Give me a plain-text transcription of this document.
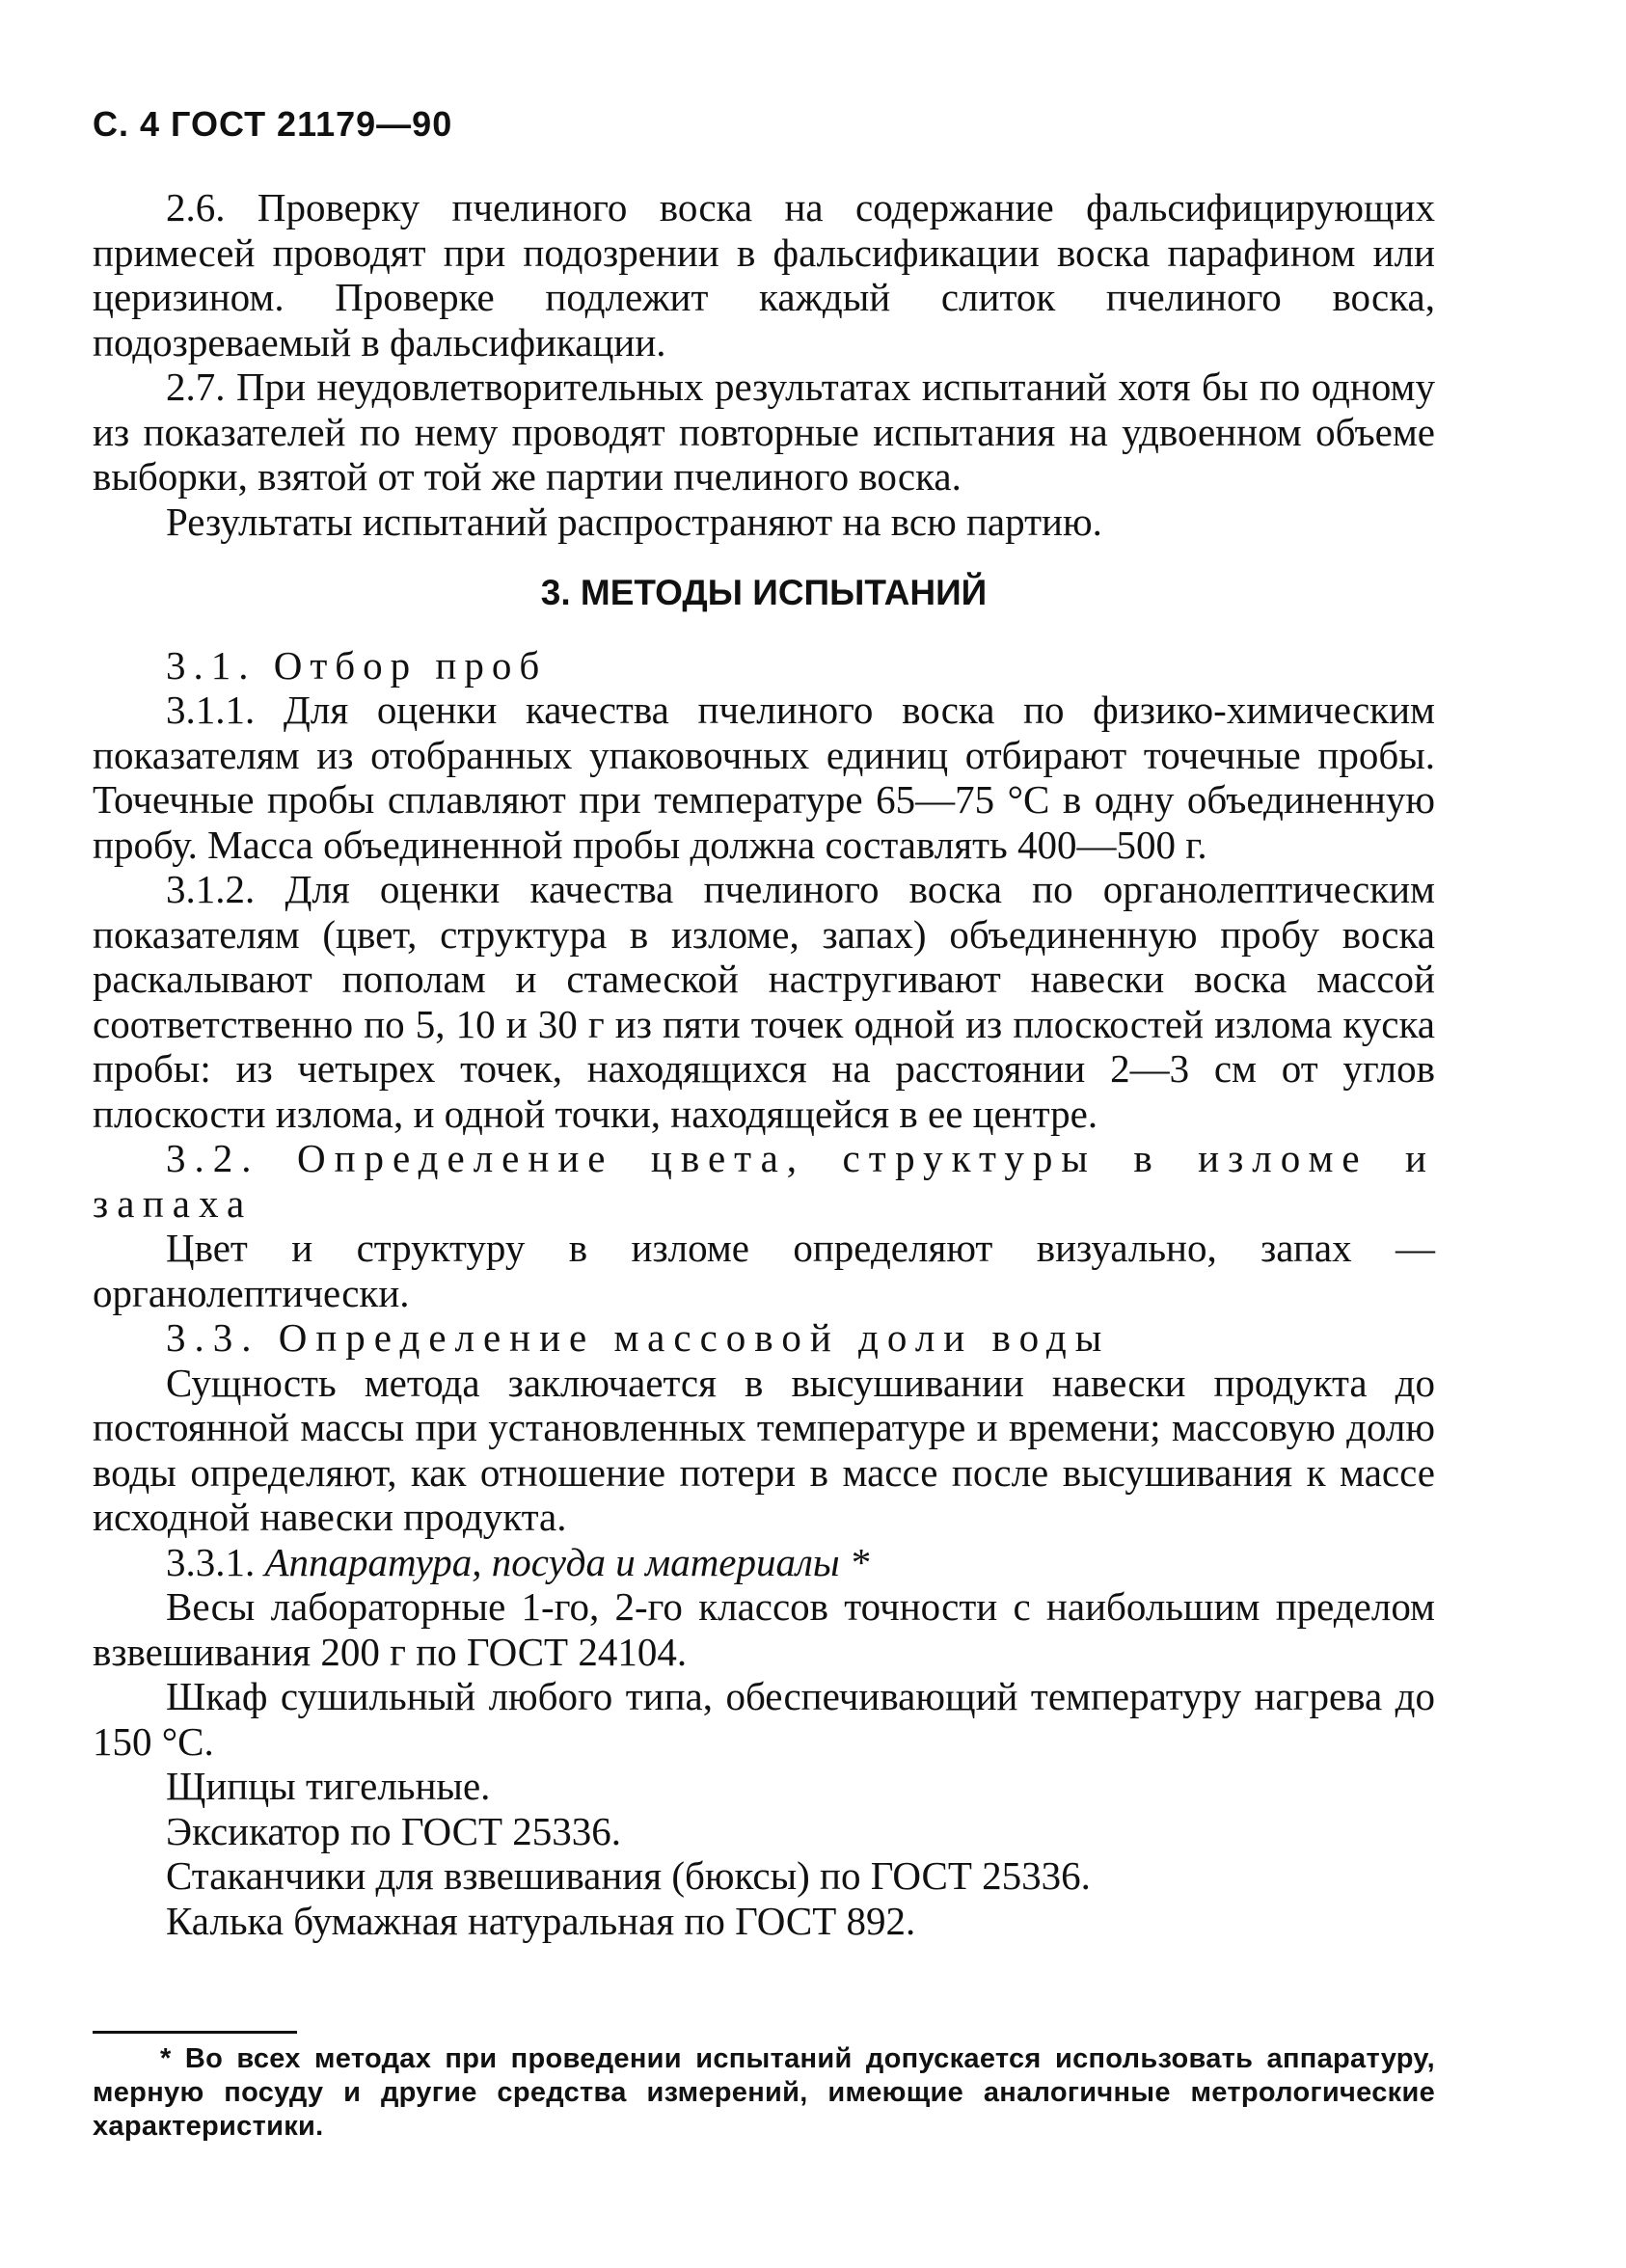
С. 4 ГОСТ 21179—90

2.6. Проверку пчелиного воска на содержание фальсифицирующих примесей проводят при подозрении в фальсификации воска парафином или церизином. Проверке подлежит каждый слиток пчелиного воска, подозреваемый в фальсификации.

2.7. При неудовлетворительных результатах испытаний хотя бы по одному из показателей по нему проводят повторные испытания на удвоенном объеме выборки, взятой от той же партии пчелиного воска.

Результаты испытаний распространяют на всю партию.

3. МЕТОДЫ ИСПЫТАНИЙ

3.1. Отбор проб

3.1.1. Для оценки качества пчелиного воска по физико-химическим показателям из отобранных упаковочных единиц отбирают точечные пробы. Точечные пробы сплавляют при температуре 65—75 °С в одну объединенную пробу. Масса объединенной пробы должна составлять 400—500 г.

3.1.2. Для оценки качества пчелиного воска по органолептическим показателям (цвет, структура в изломе, запах) объединенную пробу воска раскалывают пополам и стамеской настругивают навески воска массой соответственно по 5, 10 и 30 г из пяти точек одной из плоскостей излома куска пробы: из четырех точек, находящихся на расстоянии 2—3 см от углов плоскости излома, и одной точки, находящейся в ее центре.

3.2. Определение цвета, структуры в изломе и запаха

Цвет и структуру в изломе определяют визуально, запах — органолептически.

3.3. Определение массовой доли воды

Сущность метода заключается в высушивании навески продукта до постоянной массы при установленных температуре и времени; массовую долю воды определяют, как отношение потери в массе после высушивания к массе исходной навески продукта.

3.3.1. Аппаратура, посуда и материалы *

Весы лабораторные 1-го, 2-го классов точности с наибольшим пределом взвешивания 200 г по ГОСТ 24104.

Шкаф сушильный любого типа, обеспечивающий температуру нагрева до 150 °С.

Щипцы тигельные.

Эксикатор по ГОСТ 25336.

Стаканчики для взвешивания (бюксы) по ГОСТ 25336.

Калька бумажная натуральная по ГОСТ 892.

* Во всех методах при проведении испытаний допускается использовать аппаратуру, мерную посуду и другие средства измерений, имеющие аналогичные метрологические характеристики.
